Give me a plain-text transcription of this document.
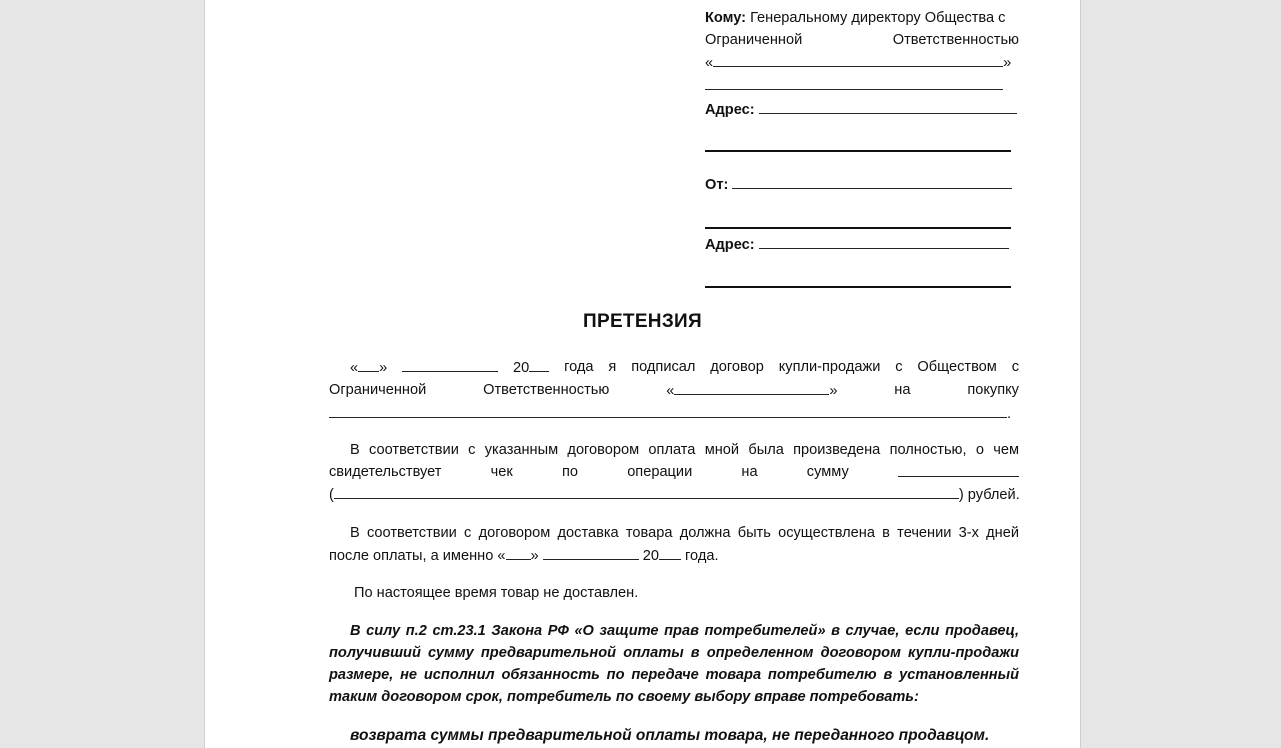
Кому: Генеральному директору Общества с
Ограниченной	Ответственностью
«	»
Адрес:
От:
Адрес:
ПРЕТЕНЗИЯ
« »	20	года я подписал договор купли-продажи с Обществом с
Ограниченной	Ответственностью	«	»	на	покупку
.
В соответствии с указанным договором оплата мной была произведена полностью, о чем
свидетельствует	чек	по	операции	на	сумму
(	) рублей.
В соответствии с договором доставка товара должна быть осуществлена в течении 3-х дней
после оплаты, а именно « »	20 года.
По настоящее время товар не доставлен.
В силу п.2 ст.23.1 Закона РФ «О защите прав потребителей» в случае, если продавец,
получивший сумму предварительной оплаты в определенном договором купли-продажи
размере, не исполнил обязанность по передаче товара потребителю в установленный
таким договором срок, потребитель по своему выбору вправе потребовать:
возврата суммы предварительной оплаты товара, не переданного продавцом.
